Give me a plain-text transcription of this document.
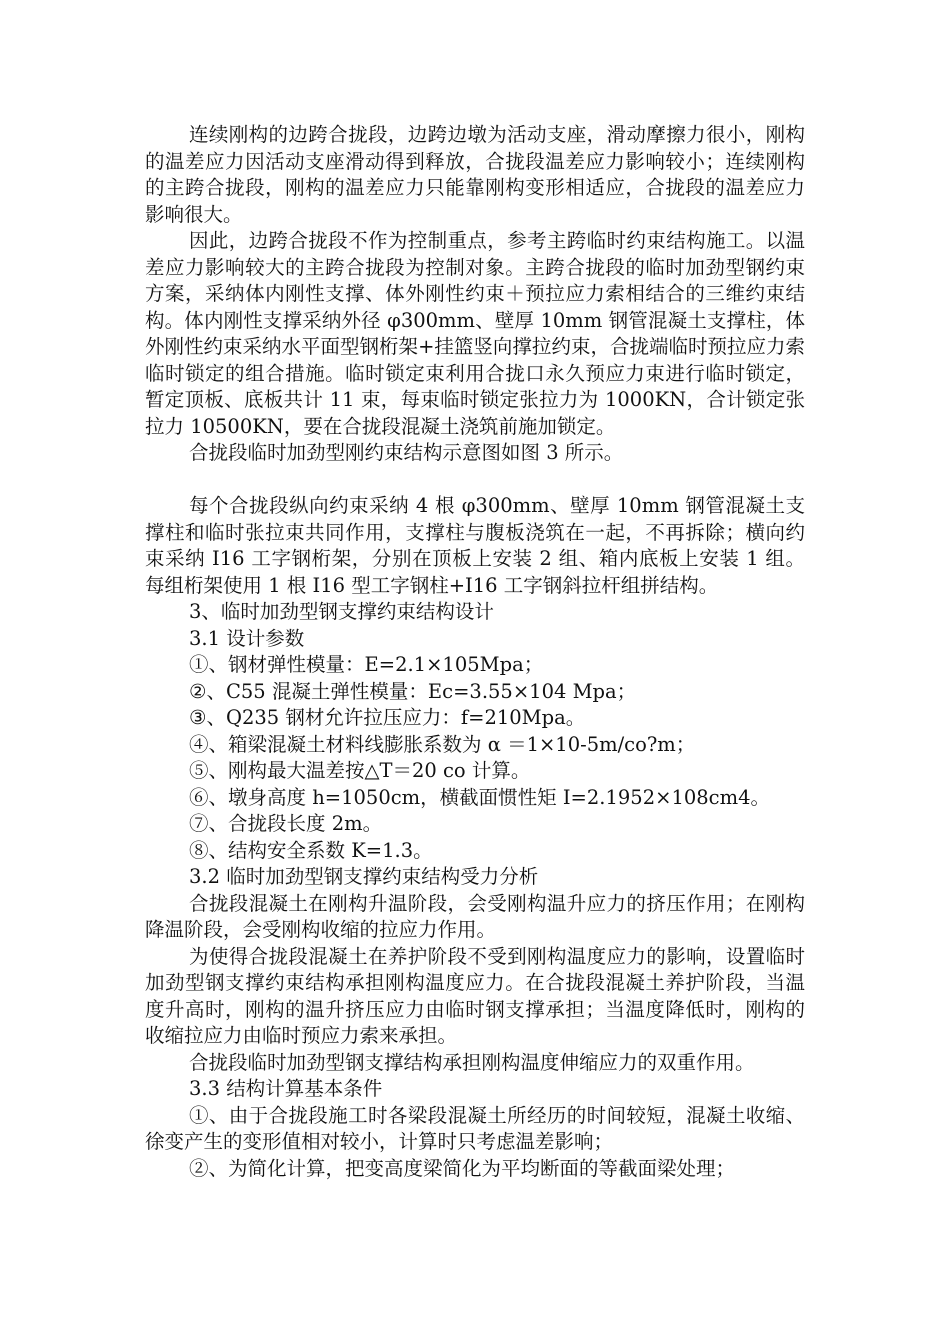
连续刚构的边跨合拢段，边跨边墩为活动支座，滑动摩擦力很小，刚构的温差应力因活动支座滑动得到释放，合拢段温差应力影响较小；连续刚构的主跨合拢段，刚构的温差应力只能靠刚构变形相适应，合拢段的温差应力影响很大。

因此，边跨合拢段不作为控制重点，参考主跨临时约束结构施工。以温差应力影响较大的主跨合拢段为控制对象。主跨合拢段的临时加劲型钢约束方案，采纳体内刚性支撑、体外刚性约束＋预拉应力索相结合的三维约束结构。体内刚性支撑采纳外径 φ300mm、壁厚 10mm 钢管混凝土支撑柱，体外刚性约束采纳水平面型钢桁架+挂篮竖向撑拉约束，合拢端临时预拉应力索临时锁定的组合措施。临时锁定束利用合拢口永久预应力束进行临时锁定，暂定顶板、底板共计 11 束，每束临时锁定张拉力为 1000KN，合计锁定张拉力 10500KN，要在合拢段混凝土浇筑前施加锁定。

合拢段临时加劲型刚约束结构示意图如图 3 所示。

每个合拢段纵向约束采纳 4 根 φ300mm、壁厚 10mm 钢管混凝土支撑柱和临时张拉束共同作用，支撑柱与腹板浇筑在一起，不再拆除；横向约束采纳 I16 工字钢桁架，分别在顶板上安装 2 组、箱内底板上安装 1 组。每组桁架使用 1 根 I16 型工字钢柱+I16 工字钢斜拉杆组拼结构。

3、临时加劲型钢支撑约束结构设计

3.1 设计参数

①、钢材弹性模量：E=2.1×105Mpa；

②、C55 混凝土弹性模量：Ec=3.55×104 Mpa；

③、Q235 钢材允许拉压应力：f=210Mpa。

④、箱梁混凝土材料线膨胀系数为 α ＝1×10-5m/co?m；

⑤、刚构最大温差按△T＝20 co 计算。

⑥、墩身高度 h=1050cm，横截面惯性矩 I=2.1952×108cm4。

⑦、合拢段长度 2m。

⑧、结构安全系数 K=1.3。

3.2 临时加劲型钢支撑约束结构受力分析

合拢段混凝土在刚构升温阶段，会受刚构温升应力的挤压作用；在刚构降温阶段，会受刚构收缩的拉应力作用。

为使得合拢段混凝土在养护阶段不受到刚构温度应力的影响，设置临时加劲型钢支撑约束结构承担刚构温度应力。在合拢段混凝土养护阶段，当温度升高时，刚构的温升挤压应力由临时钢支撑承担；当温度降低时，刚构的收缩拉应力由临时预应力索来承担。

合拢段临时加劲型钢支撑结构承担刚构温度伸缩应力的双重作用。

3.3 结构计算基本条件

①、由于合拢段施工时各梁段混凝土所经历的时间较短，混凝土收缩、徐变产生的变形值相对较小，计算时只考虑温差影响；

②、为简化计算，把变高度梁简化为平均断面的等截面梁处理；
